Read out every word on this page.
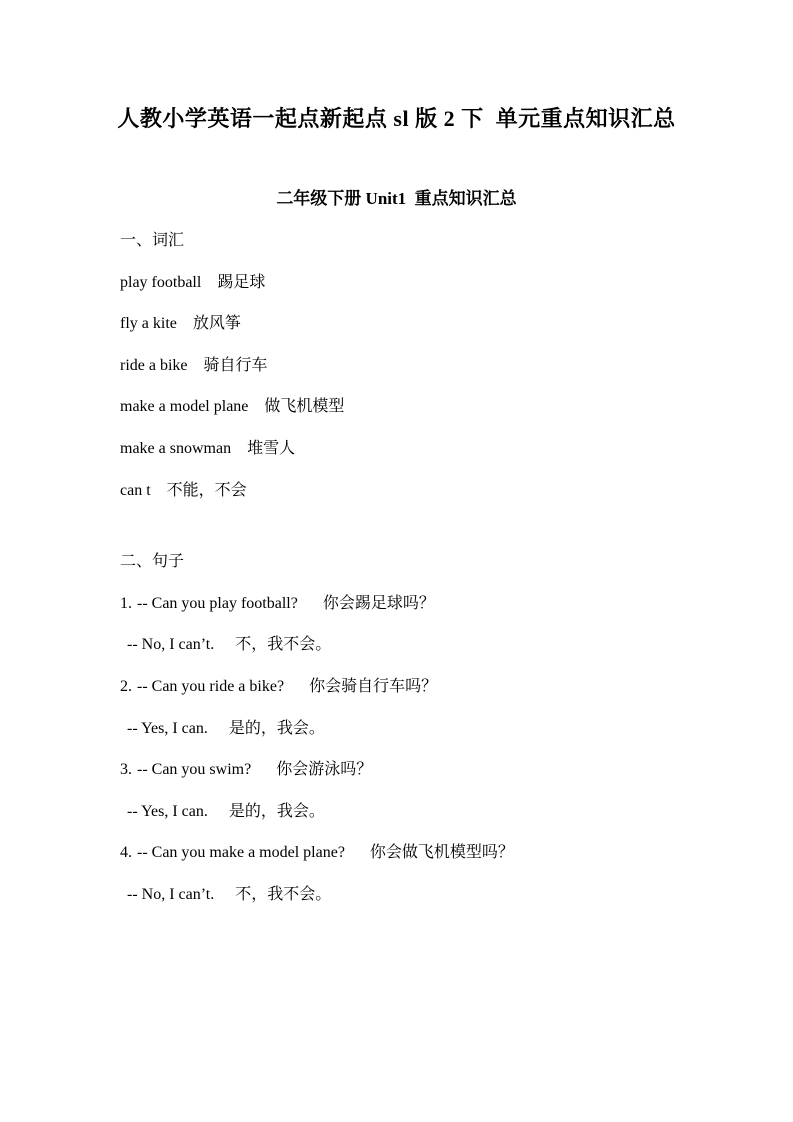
人教小学英语一起点新起点 sl 版 2 下  单元重点知识汇总
二年级下册 Unit1  重点知识汇总

一、词汇

play football 踢足球

fly a kite 放风筝

ride a bike 骑自行车

make a model plane 做飞机模型

make a snowman 堆雪人

can t 不能，不会

二、句子

1. -- Can you play football? 你会踢足球吗？

-- No, I can’t. 不，我不会。

2. -- Can you ride a bike? 你会骑自行车吗？

-- Yes, I can. 是的，我会。

3. -- Can you swim? 你会游泳吗？

-- Yes, I can. 是的，我会。

4. -- Can you make a model plane? 你会做飞机模型吗？

-- No, I can’t. 不，我不会。
